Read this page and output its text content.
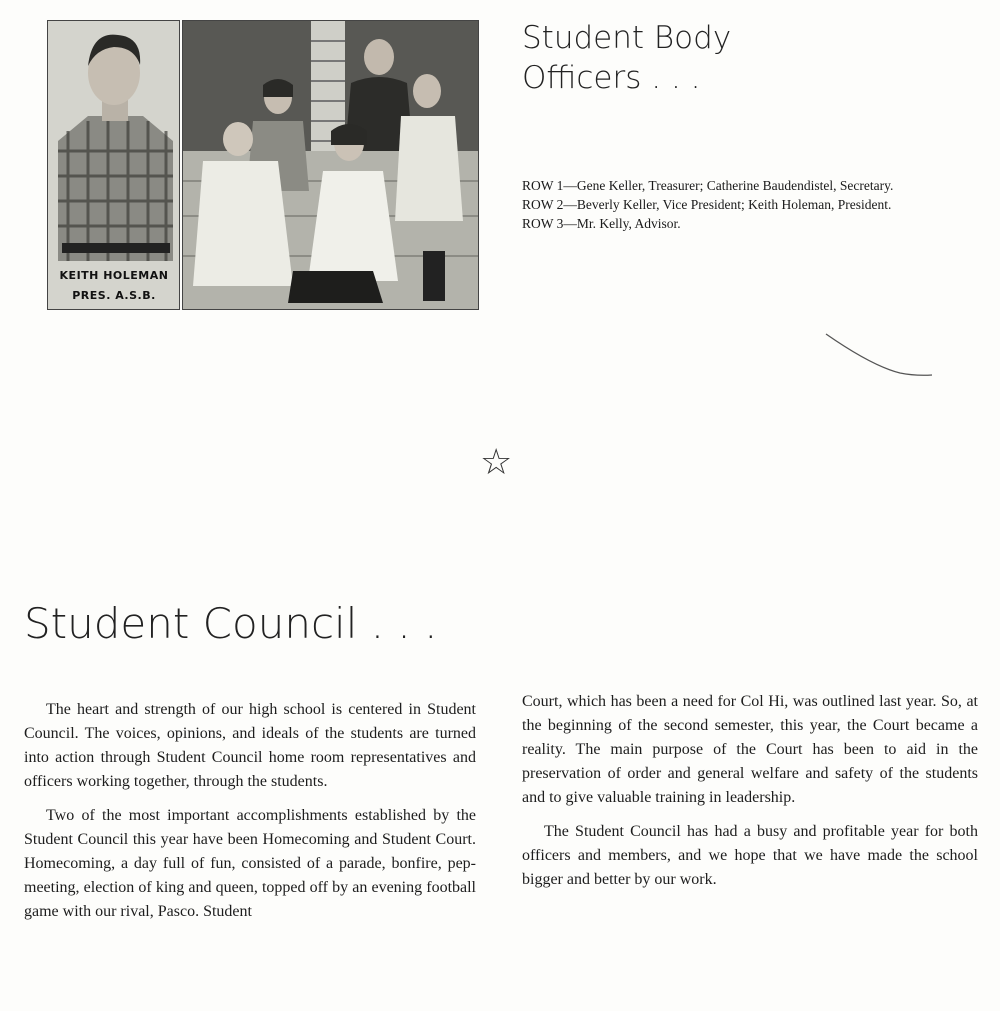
KEITH HOLEMAN
PRES. A.S.B.
Student Body
Officers . . .

ROW 1—Gene Keller, Treasurer; Catherine Baudendistel, Secretary.

ROW 2—Beverly Keller, Vice President; Keith Holeman, President.

ROW 3—Mr. Kelly, Advisor.

☆
Student Council . . .

The heart and strength of our high school is centered in Student Council. The voices, opinions, and ideals of the students are turned into action through Student Council home room representatives and officers working together, through the students.

Two of the most important accomplishments established by the Student Council this year have been Homecoming and Student Court. Homecoming, a day full of fun, consisted of a parade, bonfire, pep-meeting, election of king and queen, topped off by an evening football game with our rival, Pasco. Student

Court, which has been a need for Col Hi, was outlined last year. So, at the beginning of the second semester, this year, the Court became a reality. The main purpose of the Court has been to aid in the preservation of order and general welfare and safety of the students and to give valuable training in leadership.

The Student Council has had a busy and profitable year for both officers and members, and we hope that we have made the school bigger and better by our work.
